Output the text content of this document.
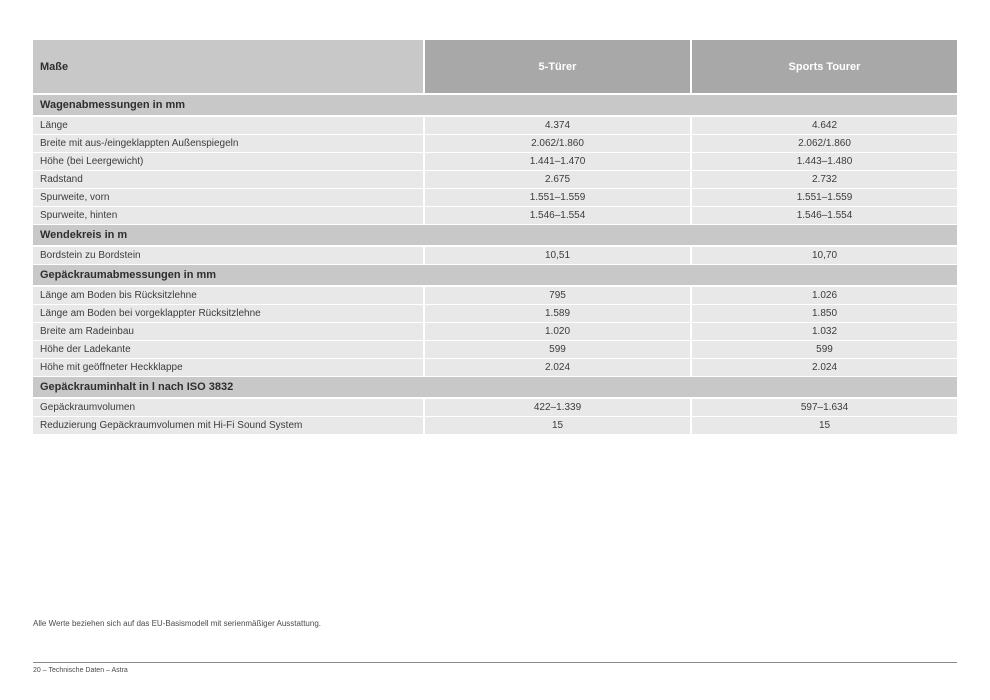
Maße	5-Türer	Sports Tourer
Wagenabmessungen in mm
Länge	4.374	4.642
Breite mit aus-/eingeklappten Außenspiegeln	2.062/1.860	2.062/1.860
Höhe (bei Leergewicht)	1.441–1.470	1.443–1.480
Radstand	2.675	2.732
Spurweite, vorn	1.551–1.559	1.551–1.559
Spurweite, hinten	1.546–1.554	1.546–1.554
Wendekreis in m
Bordstein zu Bordstein	10,51	10,70
Gepäckraumabmessungen in mm
Länge am Boden bis Rücksitzlehne	795	1.026
Länge am Boden bei vorgeklappter Rücksitzlehne	1.589	1.850
Breite am Radeinbau	1.020	1.032
Höhe der Ladekante	599	599
Höhe mit geöffneter Heckklappe	2.024	2.024
Gepäckrauminhalt in l nach ISO 3832
Gepäckraumvolumen	422–1.339	597–1.634
Reduzierung Gepäckraumvolumen mit Hi-Fi Sound System	15	15
Alle Werte beziehen sich auf das EU-Basismodell mit serienmäßiger Ausstattung.
20 – Technische Daten – Astra
